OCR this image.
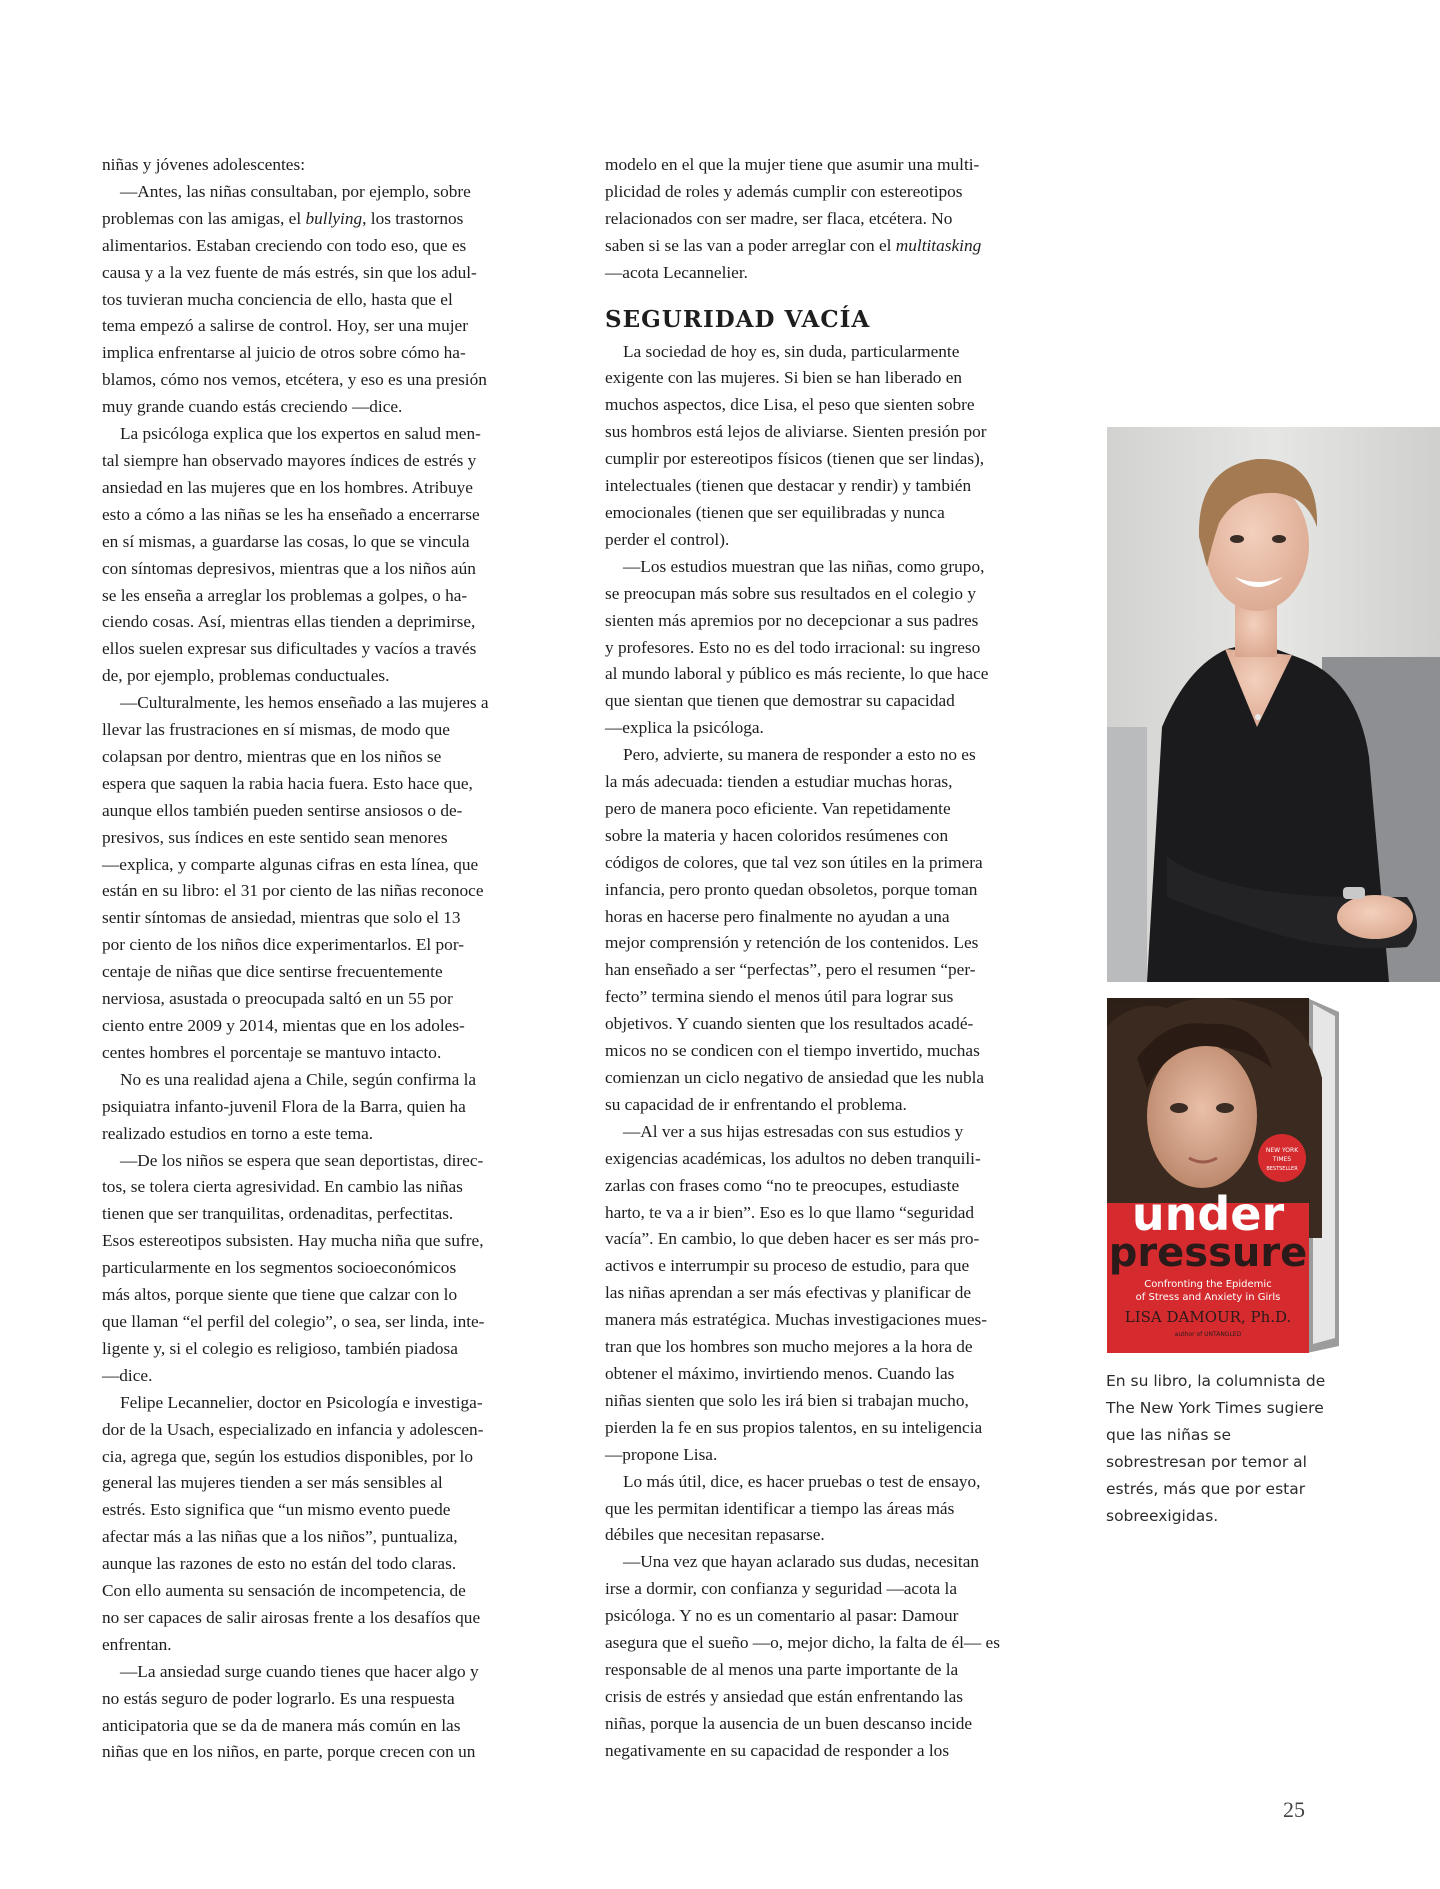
niñas y jóvenes adolescentes:
—Antes, las niñas consultaban, por ejemplo, sobre
problemas con las amigas, el bullying, los trastornos
alimentarios. Estaban creciendo con todo eso, que es
causa y a la vez fuente de más estrés, sin que los adul-
tos tuvieran mucha conciencia de ello, hasta que el
tema empezó a salirse de control. Hoy, ser una mujer
implica enfrentarse al juicio de otros sobre cómo ha-
blamos, cómo nos vemos, etcétera, y eso es una presión
muy grande cuando estás creciendo —dice.
La psicóloga explica que los expertos en salud men-
tal siempre han observado mayores índices de estrés y
ansiedad en las mujeres que en los hombres. Atribuye
esto a cómo a las niñas se les ha enseñado a encerrarse
en sí mismas, a guardarse las cosas, lo que se vincula
con síntomas depresivos, mientras que a los niños aún
se les enseña a arreglar los problemas a golpes, o ha-
ciendo cosas. Así, mientras ellas tienden a deprimirse,
ellos suelen expresar sus dificultades y vacíos a través
de, por ejemplo, problemas conductuales.
—Culturalmente, les hemos enseñado a las mujeres a
llevar las frustraciones en sí mismas, de modo que
colapsan por dentro, mientras que en los niños se
espera que saquen la rabia hacia fuera. Esto hace que,
aunque ellos también pueden sentirse ansiosos o de-
presivos, sus índices en este sentido sean menores
—explica, y comparte algunas cifras en esta línea, que
están en su libro: el 31 por ciento de las niñas reconoce
sentir síntomas de ansiedad, mientras que solo el 13
por ciento de los niños dice experimentarlos. El por-
centaje de niñas que dice sentirse frecuentemente
nerviosa, asustada o preocupada saltó en un 55 por
ciento entre 2009 y 2014, mientas que en los adoles-
centes hombres el porcentaje se mantuvo intacto.
No es una realidad ajena a Chile, según confirma la
psiquiatra infanto-juvenil Flora de la Barra, quien ha
realizado estudios en torno a este tema.
—De los niños se espera que sean deportistas, direc-
tos, se tolera cierta agresividad. En cambio las niñas
tienen que ser tranquilitas, ordenaditas, perfectitas.
Esos estereotipos subsisten. Hay mucha niña que sufre,
particularmente en los segmentos socioeconómicos
más altos, porque siente que tiene que calzar con lo
que llaman “el perfil del colegio”, o sea, ser linda, inte-
ligente y, si el colegio es religioso, también piadosa
—dice.
Felipe Lecannelier, doctor en Psicología e investiga-
dor de la Usach, especializado en infancia y adolescen-
cia, agrega que, según los estudios disponibles, por lo
general las mujeres tienden a ser más sensibles al
estrés. Esto significa que “un mismo evento puede
afectar más a las niñas que a los niños”, puntualiza,
aunque las razones de esto no están del todo claras.
Con ello aumenta su sensación de incompetencia, de
no ser capaces de salir airosas frente a los desafíos que
enfrentan.
—La ansiedad surge cuando tienes que hacer algo y
no estás seguro de poder lograrlo. Es una respuesta
anticipatoria que se da de manera más común en las
niñas que en los niños, en parte, porque crecen con un
modelo en el que la mujer tiene que asumir una multi-
plicidad de roles y además cumplir con estereotipos
relacionados con ser madre, ser flaca, etcétera. No
saben si se las van a poder arreglar con el multitasking
—acota Lecannelier.
SEGURIDAD VACÍA
La sociedad de hoy es, sin duda, particularmente
exigente con las mujeres. Si bien se han liberado en
muchos aspectos, dice Lisa, el peso que sienten sobre
sus hombros está lejos de aliviarse. Sienten presión por
cumplir por estereotipos físicos (tienen que ser lindas),
intelectuales (tienen que destacar y rendir) y también
emocionales (tienen que ser equilibradas y nunca
perder el control).
—Los estudios muestran que las niñas, como grupo,
se preocupan más sobre sus resultados en el colegio y
sienten más apremios por no decepcionar a sus padres
y profesores. Esto no es del todo irracional: su ingreso
al mundo laboral y público es más reciente, lo que hace
que sientan que tienen que demostrar su capacidad
—explica la psicóloga.
Pero, advierte, su manera de responder a esto no es
la más adecuada: tienden a estudiar muchas horas,
pero de manera poco eficiente. Van repetidamente
sobre la materia y hacen coloridos resúmenes con
códigos de colores, que tal vez son útiles en la primera
infancia, pero pronto quedan obsoletos, porque toman
horas en hacerse pero finalmente no ayudan a una
mejor comprensión y retención de los contenidos. Les
han enseñado a ser “perfectas”, pero el resumen “per-
fecto” termina siendo el menos útil para lograr sus
objetivos. Y cuando sienten que los resultados acadé-
micos no se condicen con el tiempo invertido, muchas
comienzan un ciclo negativo de ansiedad que les nubla
su capacidad de ir enfrentando el problema.
—Al ver a sus hijas estresadas con sus estudios y
exigencias académicas, los adultos no deben tranquili-
zarlas con frases como “no te preocupes, estudiaste
harto, te va a ir bien”. Eso es lo que llamo “seguridad
vacía”. En cambio, lo que deben hacer es ser más pro-
activos e interrumpir su proceso de estudio, para que
las niñas aprendan a ser más efectivas y planificar de
manera más estratégica. Muchas investigaciones mues-
tran que los hombres son mucho mejores a la hora de
obtener el máximo, invirtiendo menos. Cuando las
niñas sienten que solo les irá bien si trabajan mucho,
pierden la fe en sus propios talentos, en su inteligencia
—propone Lisa.
Lo más útil, dice, es hacer pruebas o test de ensayo,
que les permitan identificar a tiempo las áreas más
débiles que necesitan repasarse.
—Una vez que hayan aclarado sus dudas, necesitan
irse a dormir, con confianza y seguridad —acota la
psicóloga. Y no es un comentario al pasar: Damour
asegura que el sueño —o, mejor dicho, la falta de él— es
responsable de al menos una parte importante de la
crisis de estrés y ansiedad que están enfrentando las
niñas, porque la ausencia de un buen descanso incide
negativamente en su capacidad de responder a los
NEW YORK
TIMES
BESTSELLER
under
pressure
Confronting the Epidemic
of Stress and Anxiety in Girls
LISA DAMOUR, Ph.D.
author of UNTANGLED
En su libro, la columnista de The New York Times sugiere que las niñas se sobrestresan por temor al estrés, más que por estar sobreexigidas.
25
